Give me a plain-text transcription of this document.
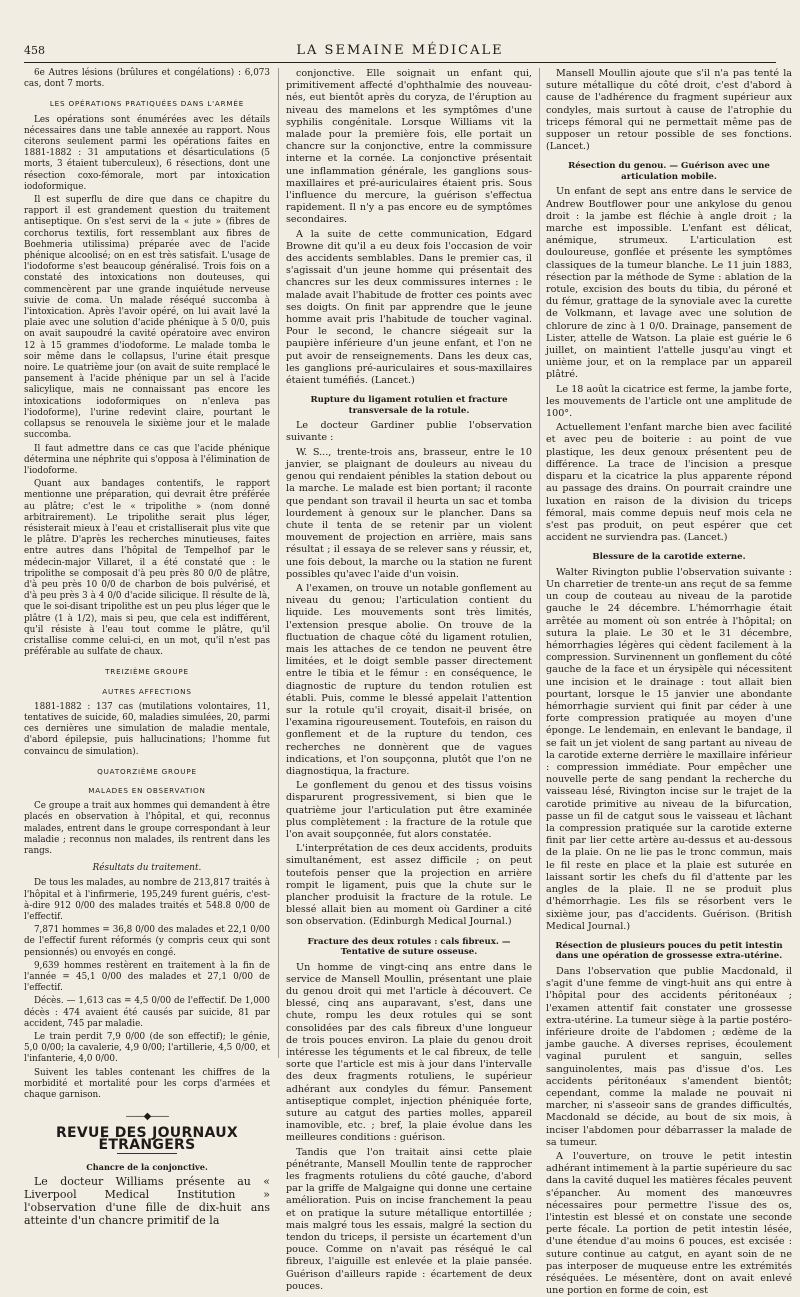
458	LA SEMAINE MÉDICALE

6e Autres lésions (brûlures et congélations) : 6,073 cas, dont 7 morts.

LES OPÉRATIONS PRATIQUÉES DANS L'ARMÉE

Les opérations sont énumérées avec les détails nécessaires dans une table annexée au rapport. Nous citerons seulement parmi les opérations faites en 1881-1882 : 31 amputations et désarticulations (5 morts, 3 étaient tuberculeux), 6 résections, dont une résection coxo-fémorale, mort par intoxication iodoformique.

Il est superflu de dire que dans ce chapitre du rapport il est grandement question du traitement antiseptique. On s'est servi de la « jute » (fibres de corchorus textilis, fort ressemblant aux fibres de Boehmeria utilissima) préparée avec de l'acide phénique alcoolisé; on en est très satisfait. L'usage de l'iodoforme s'est beaucoup généralisé. Trois fois on a constaté des intoxications non douteuses, qui commencèrent par une grande inquiétude nerveuse suivie de coma. Un malade réséqué succomba à l'intoxication. Après l'avoir opéré, on lui avait lavé la plaie avec une solution d'acide phénique à 5 0/0, puis on avait saupoudré la cavité opératoire avec environ 12 à 15 grammes d'iodoforme. Le malade tomba le soir même dans le collapsus, l'urine était presque noire. Le quatrième jour (on avait de suite remplacé le pansement à l'acide phénique par un sel à l'acide salicylique, mais ne connaissant pas encore les intoxications iodoformiques on n'enleva pas l'iodoforme), l'urine redevint claire, pourtant le collapsus se renouvela le sixième jour et le malade succomba.

Il faut admettre dans ce cas que l'acide phénique détermina une néphrite qui s'opposa à l'élimination de l'iodoforme.

Quant aux bandages contentifs, le rapport mentionne une préparation, qui devrait être préférée au plâtre; c'est le « tripolithe » (nom donné arbitrairement). Le tripolithe serait plus léger, résisterait mieux à l'eau et cristalliserait plus vite que le plâtre. D'après les recherches minutieuses, faites entre autres dans l'hôpital de Tempelhof par le médecin-major Villaret, il a été constaté que : le tripolithe se composait d'à peu près 80 0/0 de plâtre, d'à peu près 10 0/0 de charbon de bois pulvérisé, et d'à peu près 3 à 4 0/0 d'acide silicique. Il résulte de là, que le soi-disant tripolithe est un peu plus léger que le plâtre (1 à 1/2), mais si peu, que cela est indifférent, qu'il résiste à l'eau tout comme le plâtre, qu'il cristallise comme celui-ci, en un mot, qu'il n'est pas préférable au sulfate de chaux.

TREIZIÈME GROUPE
AUTRES AFFECTIONS

1881-1882 : 137 cas (mutilations volontaires, 11, tentatives de suicide, 60, maladies simulées, 20, parmi ces dernières une simulation de maladie mentale, d'abord épilepsie, puis hallucinations; l'homme fut convaincu de simulation).

QUATORZIÈME GROUPE
MALADES EN OBSERVATION

Ce groupe a trait aux hommes qui demandent à être placés en observation à l'hôpital, et qui, reconnus malades, entrent dans le groupe correspondant à leur maladie ; reconnus non malades, ils rentrent dans les rangs.

Résultats du traitement.

De tous les malades, au nombre de 213,817 traités à l'hôpital et à l'infirmerie, 195,249 furent guéris, c'est-à-dire 912 0/00 des malades traités et 548.8 0/00 de l'effectif.

7,871 hommes = 36,8 0/00 des malades et 22,1 0/00 de l'effectif furent réformés (y compris ceux qui sont pensionnés) ou envoyés en congé.

9,639 hommes restèrent en traitement à la fin de l'année = 45,1 0/00 des malades et 27,1 0/00 de l'effectif.

Décès. — 1,613 cas = 4,5 0/00 de l'effectif. De 1,000 décès : 474 avaient été causés par suicide, 81 par accident, 745 par maladie.

Le train perdit 7,9 0/00 (de son effectif); le génie, 5,0 0/00; la cavalerie, 4,9 0/00; l'artillerie, 4,5 0/00, et l'infanterie, 4,0 0/00.

Suivent les tables contenant les chiffres de la morbidité et mortalité pour les corps d'armées et chaque garnison.

——◆——
REVUE DES JOURNAUX ÉTRANGERS
Chancre de la conjonctive.

Le docteur Williams présente au « Liverpool Medical Institution » l'observation d'une fille de dix-huit ans atteinte d'un chancre primitif de la

conjonctive. Elle soignait un enfant qui, primitivement affecté d'ophthalmie des nouveau-nés, eut bientôt après du coryza, de l'éruption au niveau des mamelons et les symptômes d'une syphilis congénitale. Lorsque Williams vit la malade pour la première fois, elle portait un chancre sur la conjonctive, entre la commissure interne et la cornée. La conjonctive présentait une inflammation générale, les ganglions sous-maxillaires et pré-auriculaires étaient pris. Sous l'influence du mercure, la guérison s'effectua rapidement. Il n'y a pas encore eu de symptômes secondaires.

A la suite de cette communication, Edgard Browne dit qu'il a eu deux fois l'occasion de voir des accidents semblables. Dans le premier cas, il s'agissait d'un jeune homme qui présentait des chancres sur les deux commissures internes : le malade avait l'habitude de frotter ces points avec ses doigts. On finit par apprendre que le jeune homme avait pris l'habitude de toucher vaginal. Pour le second, le chancre siégeait sur la paupière inférieure d'un jeune enfant, et l'on ne put avoir de renseignements. Dans les deux cas, les ganglions pré-auriculaires et sous-maxillaires étaient tuméfiés. (Lancet.)

Rupture du ligament rotulien et fracture transversale de la rotule.

Le docteur Gardiner publie l'observation suivante :

W. S..., trente-trois ans, brasseur, entre le 10 janvier, se plaignant de douleurs au niveau du genou qui rendaient pénibles la station debout ou la marche. Le malade est bien portant; il raconte que pendant son travail il heurta un sac et tomba lourdement à genoux sur le plancher. Dans sa chute il tenta de se retenir par un violent mouvement de projection en arrière, mais sans résultat ; il essaya de se relever sans y réussir, et, une fois debout, la marche ou la station ne furent possibles qu'avec l'aide d'un voisin.

A l'examen, on trouve un notable gonflement au niveau du genou; l'articulation contient du liquide. Les mouvements sont très limités, l'extension presque abolie. On trouve de la fluctuation de chaque côté du ligament rotulien, mais les attaches de ce tendon ne peuvent être limitées, et le doigt semble passer directement entre le tibia et le fémur : en conséquence, le diagnostic de rupture du tendon rotulien est établi. Puis, comme le blessé appelait l'attention sur la rotule qu'il croyait, disait-il brisée, on l'examina rigoureusement. Toutefois, en raison du gonflement et de la rupture du tendon, ces recherches ne donnèrent que de vagues indications, et l'on soupçonna, plutôt que l'on ne diagnostiqua, la fracture.

Le gonflement du genou et des tissus voisins disparurent progressivement, si bien que le quatrième jour l'articulation put être examinée plus complètement : la fracture de la rotule que l'on avait soupçonnée, fut alors constatée.

L'interprétation de ces deux accidents, produits simultanément, est assez difficile ; on peut toutefois penser que la projection en arrière rompit le ligament, puis que la chute sur le plancher produisit la fracture de la rotule. Le blessé allait bien au moment où Gardiner a cité son observation. (Edinburgh Medical Journal.)

Fracture des deux rotules : cals fibreux. — Tentative de suture osseuse.

Un homme de vingt-cinq ans entre dans le service de Mansell Moullin, présentant une plaie du genou droit qui met l'article à découvert. Ce blessé, cinq ans auparavant, s'est, dans une chute, rompu les deux rotules qui se sont consolidées par des cals fibreux d'une longueur de trois pouces environ. La plaie du genou droit intéresse les téguments et le cal fibreux, de telle sorte que l'article est mis à jour dans l'intervalle des deux fragments rotuliens, le supérieur adhérant aux condyles du fémur. Pansement antiseptique complet, injection phéniquée forte, suture au catgut des parties molles, appareil inamovible, etc. ; bref, la plaie évolue dans les meilleures conditions : guérison.

Tandis que l'on traitait ainsi cette plaie pénétrante, Mansell Moullin tente de rapprocher les fragments rotuliens du côté gauche, d'abord par la griffe de Malgaigne qui donne une certaine amélioration. Puis on incise franchement la peau et on pratique la suture métallique entortillée ; mais malgré tous les essais, malgré la section du tendon du triceps, il persiste un écartement d'un pouce. Comme on n'avait pas réséqué le cal fibreux, l'aiguille est enlevée et la plaie pansée. Guérison d'ailleurs rapide : écartement de deux pouces.

Mansell Moullin ajoute que s'il n'a pas tenté la suture métallique du côté droit, c'est d'abord à cause de l'adhérence du fragment supérieur aux condyles, mais surtout à cause de l'atrophie du triceps fémoral qui ne permettait même pas de supposer un retour possible de ses fonctions. (Lancet.)

Résection du genou. — Guérison avec une articulation mobile.

Un enfant de sept ans entre dans le service de Andrew Boutflower pour une ankylose du genou droit : la jambe est fléchie à angle droit ; la marche est impossible. L'enfant est délicat, anémique, strumeux. L'articulation est douloureuse, gonflée et présente les symptômes classiques de la tumeur blanche. Le 11 juin 1883, résection par la méthode de Syme : ablation de la rotule, excision des bouts du tibia, du péroné et du fémur, grattage de la synoviale avec la curette de Volkmann, et lavage avec une solution de chlorure de zinc à 1 0/0. Drainage, pansement de Lister, attelle de Watson. La plaie est guérie le 6 juillet, on maintient l'attelle jusqu'au vingt et unième jour, et on la remplace par un appareil plâtré.

Le 18 août la cicatrice est ferme, la jambe forte, les mouvements de l'article ont une amplitude de 100°.

Actuellement l'enfant marche bien avec facilité et avec peu de boiterie : au point de vue plastique, les deux genoux présentent peu de différence. La trace de l'incision a presque disparu et la cicatrice la plus apparente répond au passage des drains. On pourrait craindre une luxation en raison de la division du triceps fémoral, mais comme depuis neuf mois cela ne s'est pas produit, on peut espérer que cet accident ne surviendra pas. (Lancet.)

Blessure de la carotide externe.

Walter Rivington publie l'observation suivante : Un charretier de trente-un ans reçut de sa femme un coup de couteau au niveau de la parotide gauche le 24 décembre. L'hémorrhagie était arrêtée au moment où son entrée à l'hôpital; on sutura la plaie. Le 30 et le 31 décembre, hémorrhagies légères qui cèdent facilement à la compression. Survinennent un gonflement du côté gauche de la face et un érysipèle qui nécessitent une incision et le drainage : tout allait bien pourtant, lorsque le 15 janvier une abondante hémorrhagie survient qui finit par céder à une forte compression pratiquée au moyen d'une éponge. Le lendemain, en enlevant le bandage, il se fait un jet violent de sang partant au niveau de la carotide externe derrière le maxillaire inférieur : compression immédiate. Pour empêcher une nouvelle perte de sang pendant la recherche du vaisseau lésé, Rivington incise sur le trajet de la carotide primitive au niveau de la bifurcation, passe un fil de catgut sous le vaisseau et lâchant la compression pratiquée sur la carotide externe finit par lier cette artère au-dessus et au-dessous de la plaie. On ne lie pas le tronc commun, mais le fil reste en place et la plaie est suturée en laissant sortir les chefs du fil d'attente par les angles de la plaie. Il ne se produit plus d'hémorrhagie. Les fils se résorbent vers le sixième jour, pas d'accidents. Guérison. (British Medical Journal.)

Résection de plusieurs pouces du petit intestin dans une opération de grossesse extra-utérine.

Dans l'observation que publie Macdonald, il s'agit d'une femme de vingt-huit ans qui entre à l'hôpital pour des accidents péritonéaux ; l'examen attentif fait constater une grossesse extra-utérine. La tumeur siège à la partie postéro-inférieure droite de l'abdomen ; œdème de la jambe gauche. A diverses reprises, écoulement vaginal purulent et sanguin, selles sanguinolentes, mais pas d'issue d'os. Les accidents péritonéaux s'amendent bientôt; cependant, comme la malade ne pouvait ni marcher, ni s'asseoir sans de grandes difficultés, Macdonald se décide, au bout de six mois, à inciser l'abdomen pour débarrasser la malade de sa tumeur.

A l'ouverture, on trouve le petit intestin adhérant intimement à la partie supérieure du sac dans la cavité duquel les matières fécales peuvent s'épancher. Au moment des manœuvres nécessaires pour permettre l'issue des os, l'intestin est blessé et on constate une seconde perte fécale. La portion de petit intestin lésée, d'une étendue d'au moins 6 pouces, est excisée : suture continue au catgut, en ayant soin de ne pas interposer de muqueuse entre les extrémités réséquées. Le mésentère, dont on avait enlevé une portion en forme de coin, est
